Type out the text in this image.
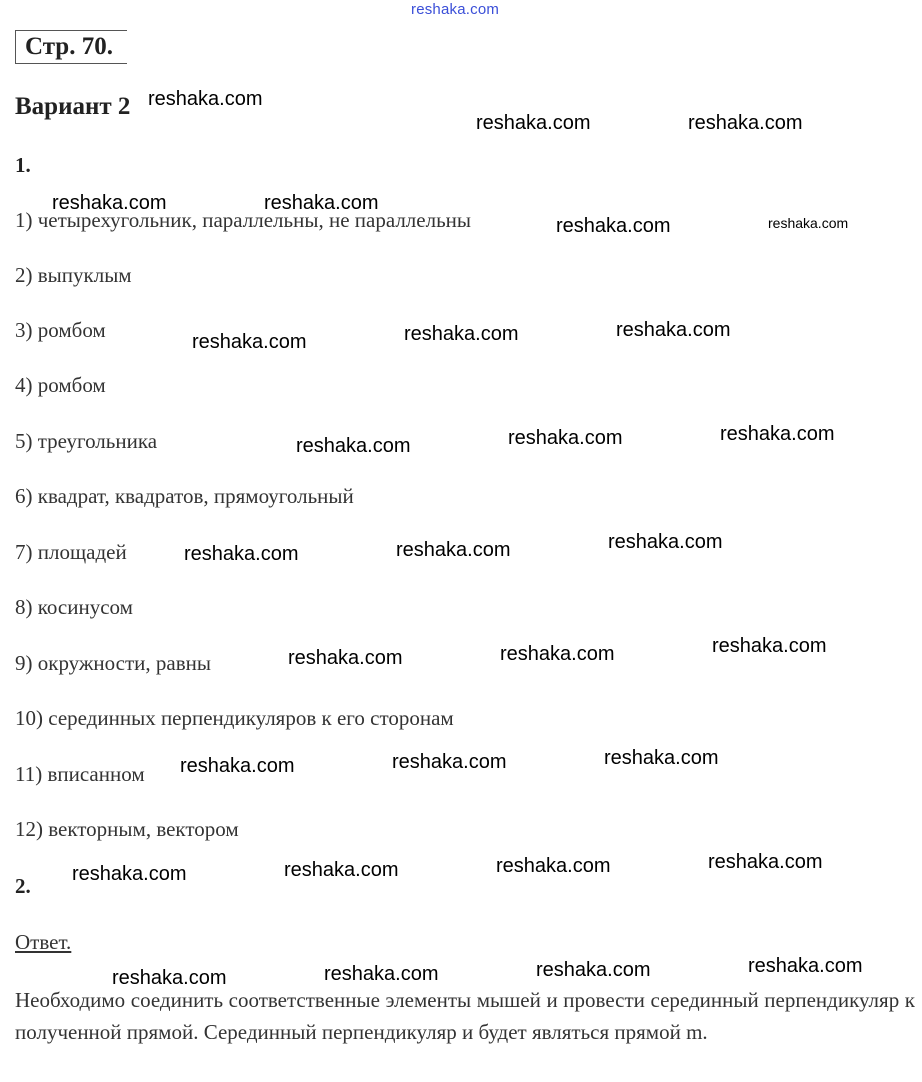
reshaka.com
Стр. 70.
Вариант 2
1.
1) четырехугольник, параллельны, не параллельны
2) выпуклым
3) ромбом
4) ромбом
5) треугольника
6) квадрат, квадратов, прямоугольный
7) площадей
8) косинусом
9) окружности, равны
10) серединных перпендикуляров к его сторонам
11) вписанном
12) векторным, вектором
2.
Ответ.
Необходимо соединить соответственные элементы мышей и провести серединный перпендикуляр к полученной прямой. Серединный перпендикуляр и будет являться прямой m.
reshaka.com
reshaka.com	reshaka.com
reshaka.com	reshaka.com
reshaka.com	reshaka.com
reshaka.com	reshaka.com	reshaka.com
reshaka.com	reshaka.com	reshaka.com
reshaka.com	reshaka.com	reshaka.com
reshaka.com	reshaka.com	reshaka.com
reshaka.com	reshaka.com	reshaka.com
reshaka.com	reshaka.com	reshaka.com	reshaka.com
reshaka.com	reshaka.com	reshaka.com	reshaka.com
